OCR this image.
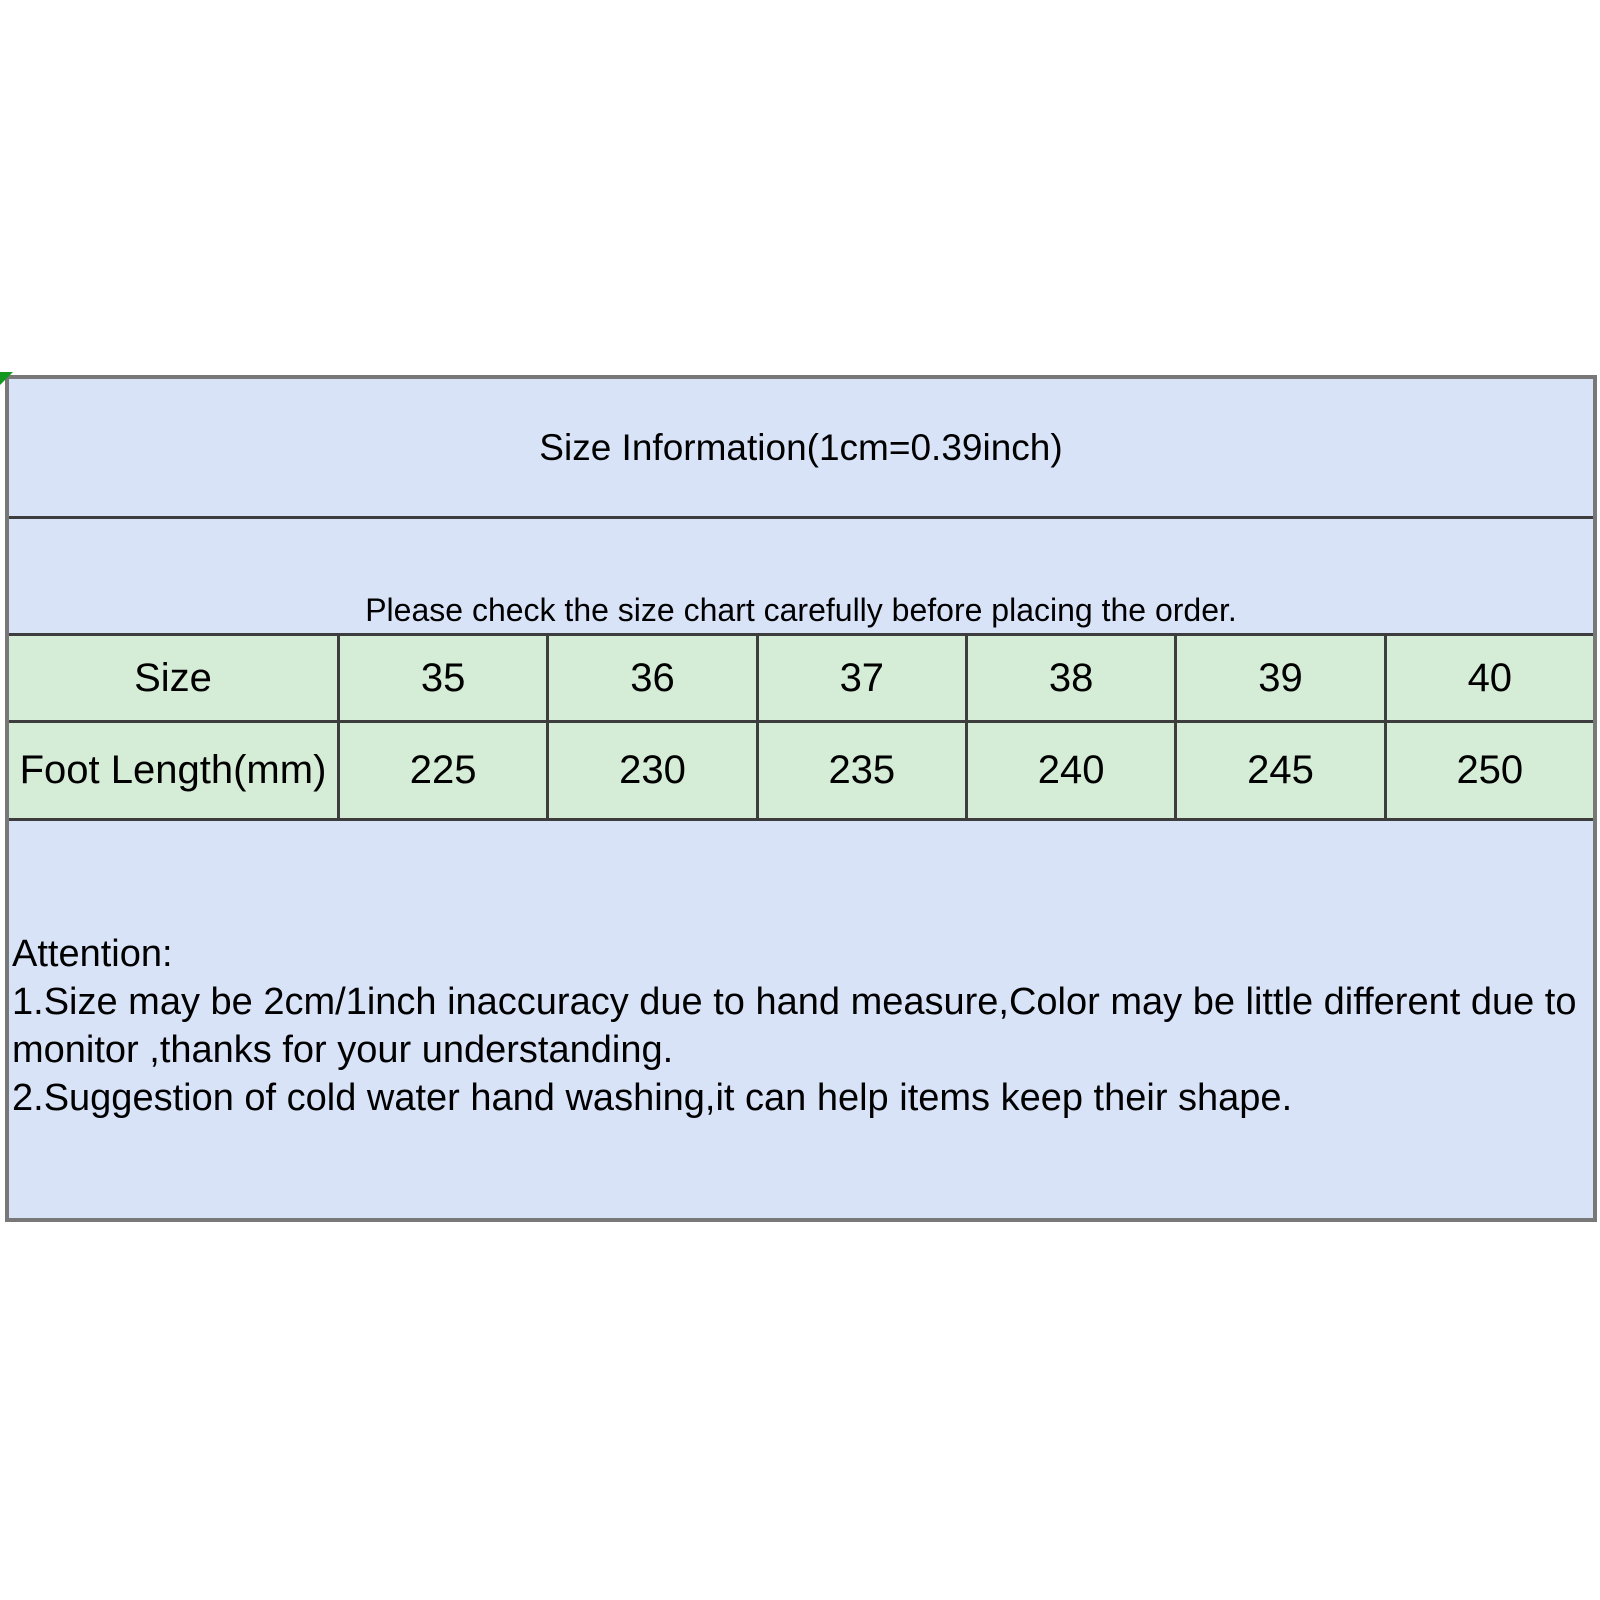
Size Information(1cm=0.39inch)
Please check the size chart carefully before placing the order.
Size	35	36	37	38	39	40
Foot Length(mm)	225	230	235	240	245	250
Attention:
1.Size may be 2cm/1inch inaccuracy due to hand measure,Color may be little different due to
monitor ,thanks for your understanding.
2.Suggestion of cold water hand washing,it can help items keep their shape.
